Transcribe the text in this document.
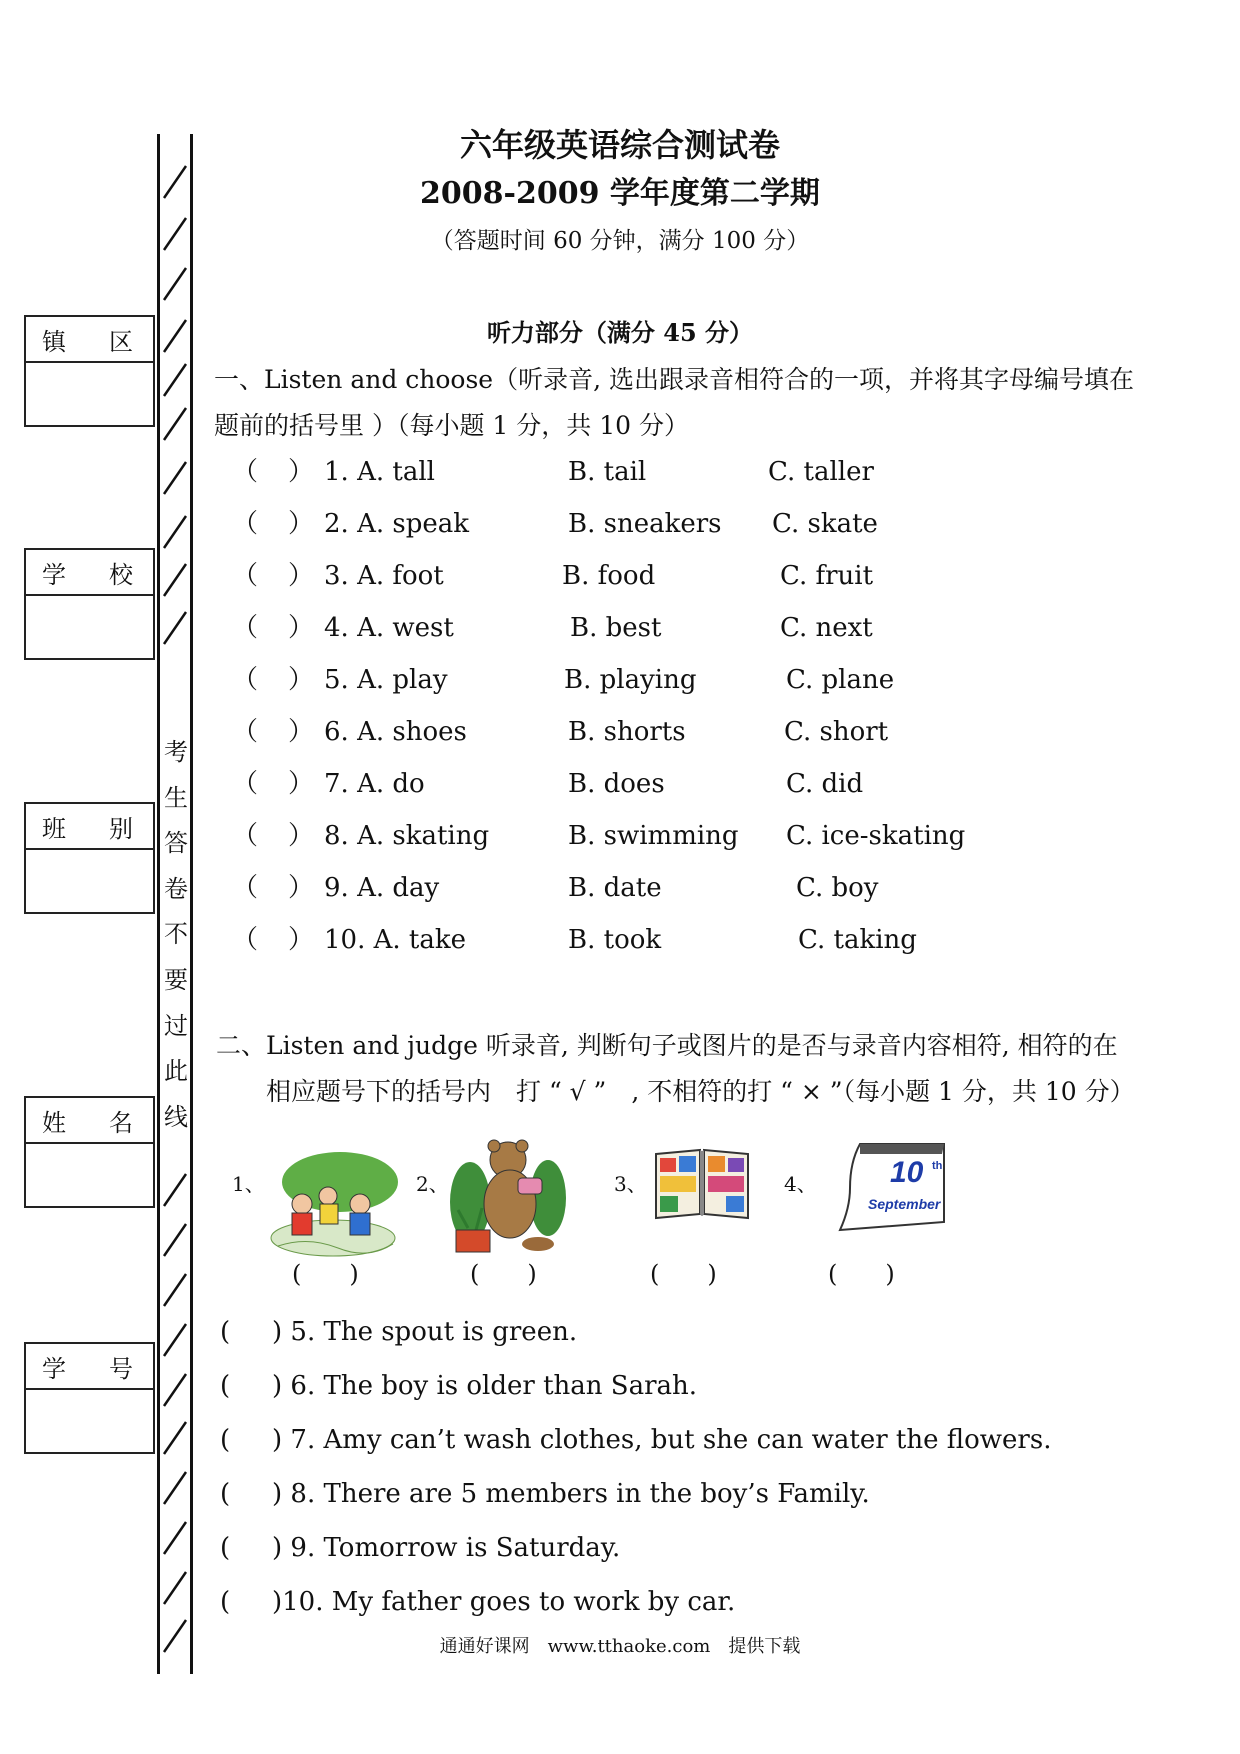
镇 区
学 校
班 别
姓 名
学 号
考
生
答
卷
不
要
过
此
线
六年级英语综合测试卷
2008-2009 学年度第二学期
（答题时间 60 分钟，满分 100 分）
听力部分（满分 45 分）
一、Listen and choose（听录音, 选出跟录音相符合的一项，并将其字母编号填在
题前的括号里 ）（每小题 1 分，共 10 分）
（ ） 1. A. tall	B. tail	C. taller
（ ） 2. A. speak	B. sneakers C. skate
（ ） 3. A. foot	B. food	C. fruit
（ ） 4. A. west	B. best	C. next
（ ） 5. A. play	B. playing	C. plane
（ ） 6. A. shoes	B. shorts	C. short
（ ） 7. A. do	B. does	C. did
（ ） 8. A. skating	B. swimming C. ice-skating
（ ） 9. A. day	B. date	C. boy
（ ） 10. A. take	B. took	C. taking
二、Listen and judge 听录音, 判断句子或图片的是否与录音内容相符, 相符的在
相应题号下的括号内　打 “ √ ”　, 不相符的打 “ × ”（每小题 1 分，共 10 分）
1、	2、	3、	4、 10 th
September
(　　)	(　　)	(　　)	(　　)
( ) 5. The spout is green.
( ) 6. The boy is older than Sarah.
( ) 7. Amy can’t wash clothes, but she can water the flowers.
( ) 8. There are 5 members in the boy’s Family.
( ) 9. Tomorrow is Saturday.
( )10. My father goes to work by car.
通通好课网　www.tthaoke.com　提供下载
